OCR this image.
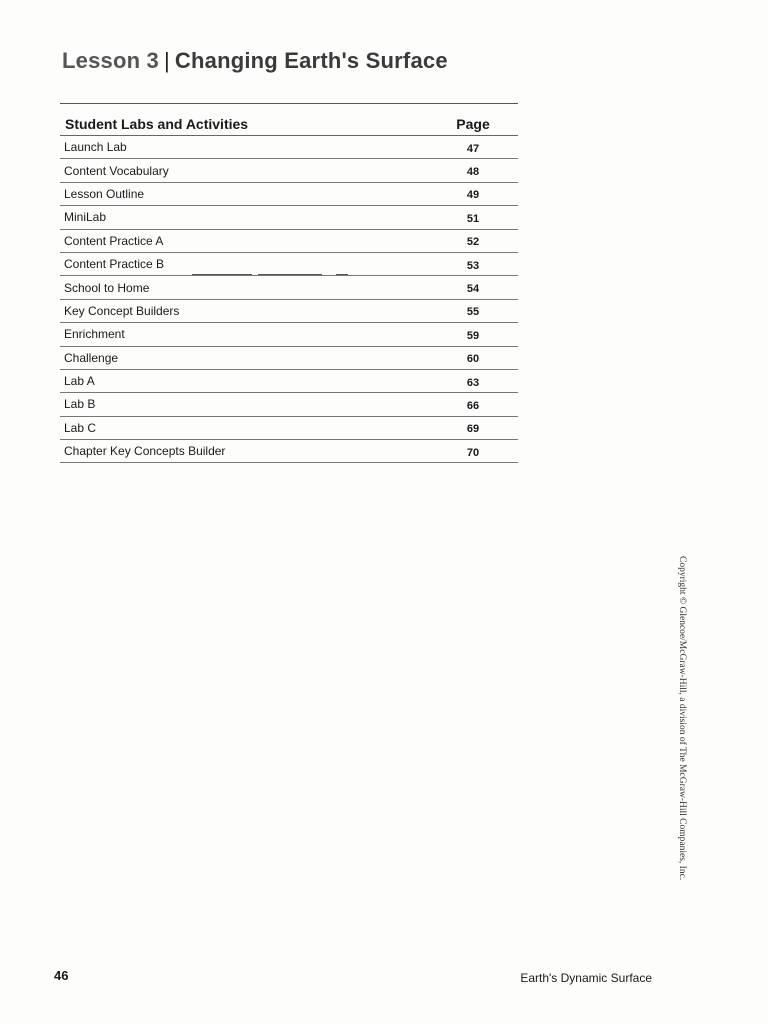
Lesson 3 | Changing Earth's Surface
Student Labs and Activities	Page
Launch Lab	47
Content Vocabulary	48
Lesson Outline	49
MiniLab	51
Content Practice A	52
Content Practice B	53
School to Home	54
Key Concept Builders	55
Enrichment	59
Challenge	60
Lab A	63
Lab B	66
Lab C	69
Chapter Key Concepts Builder	70
Copyright © Glencoe/McGraw-Hill, a division of The McGraw-Hill Companies, Inc.
46	Earth's Dynamic Surface
